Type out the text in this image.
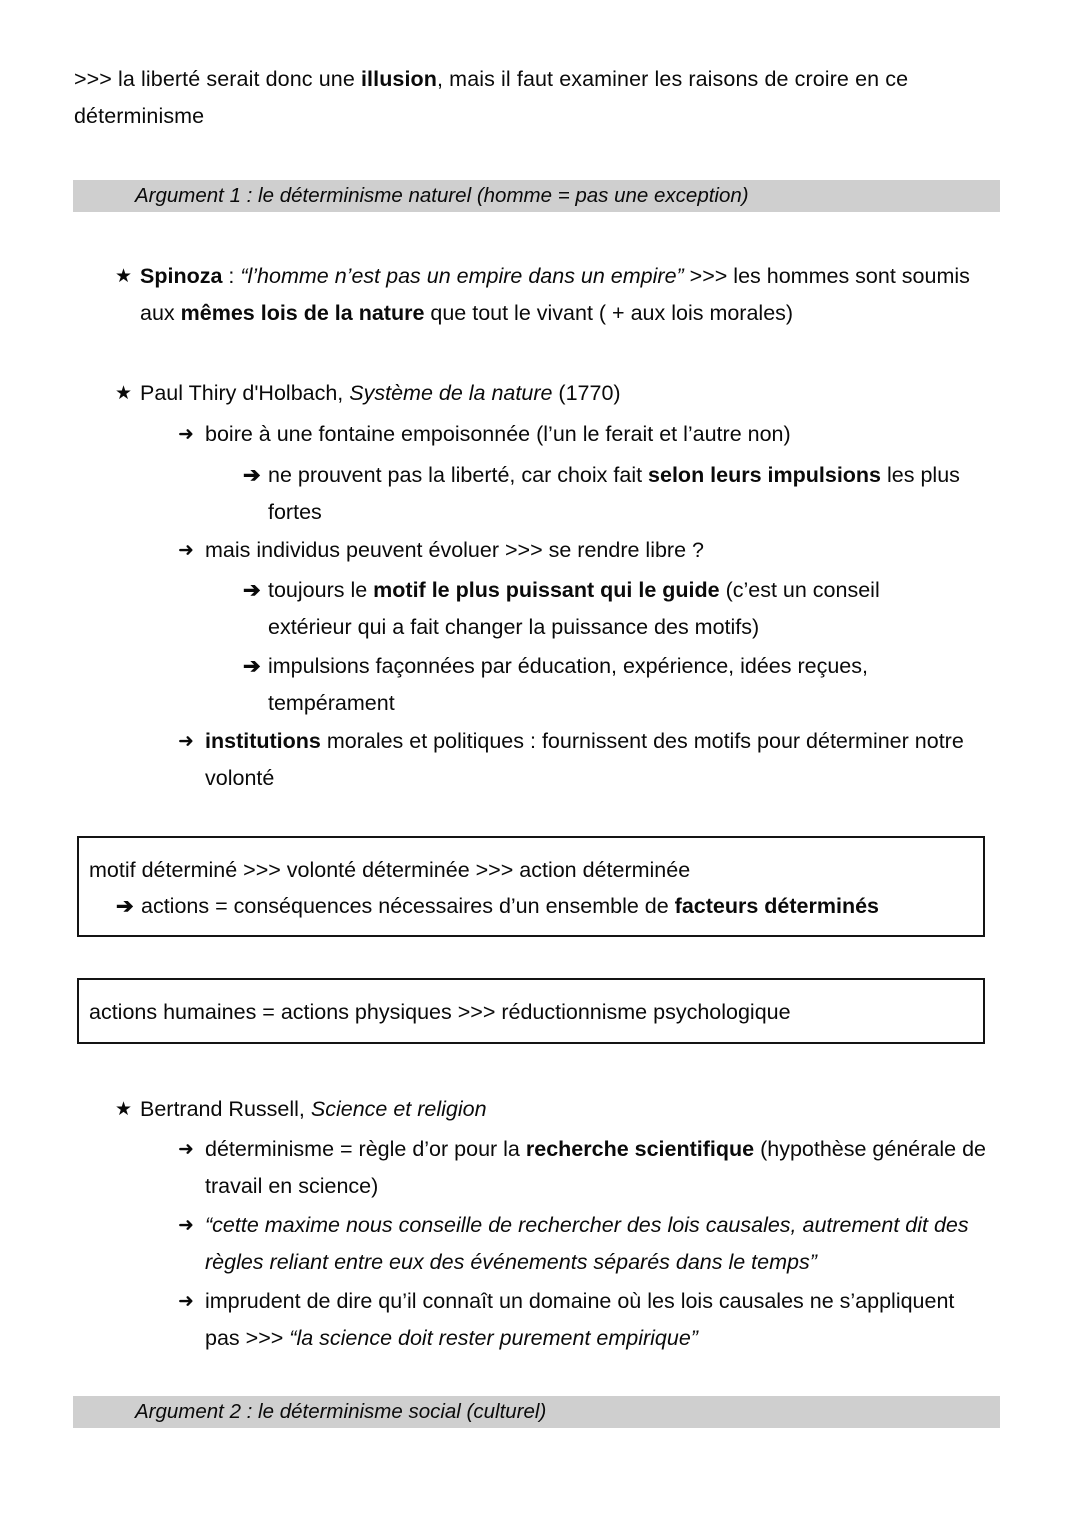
>>> la liberté serait donc une illusion, mais il faut examiner les raisons de croire en ce déterminisme
Argument 1 : le déterminisme naturel (homme = pas une exception)
★ Spinoza : “l’homme n’est pas un empire dans un empire” >>> les hommes sont soumis aux mêmes lois de la nature que tout le vivant ( + aux lois morales)
★ Paul Thiry d'Holbach, Système de la nature (1770)
➜ boire à une fontaine empoisonnée (l’un le ferait et l’autre non)
➔ ne prouvent pas la liberté, car choix fait selon leurs impulsions les plus fortes
➜ mais individus peuvent évoluer >>> se rendre libre ?
➔ toujours le motif le plus puissant qui le guide (c’est un conseil extérieur qui a fait changer la puissance des motifs)
➔ impulsions façonnées par éducation, expérience, idées reçues, tempérament
➜ institutions morales et politiques : fournissent des motifs pour déterminer notre volonté
motif déterminé >>> volonté déterminée >>> action déterminée
➔ actions = conséquences nécessaires d’un ensemble de facteurs déterminés
actions humaines = actions physiques >>> réductionnisme psychologique
★ Bertrand Russell, Science et religion
➜ déterminisme = règle d’or pour la recherche scientifique (hypothèse générale de travail en science)
➜ “cette maxime nous conseille de rechercher des lois causales, autrement dit des règles reliant entre eux des événements séparés dans le temps”
➜ imprudent de dire qu’il connaît un domaine où les lois causales ne s’appliquent pas >>> “la science doit rester purement empirique”
Argument 2 : le déterminisme social (culturel)
